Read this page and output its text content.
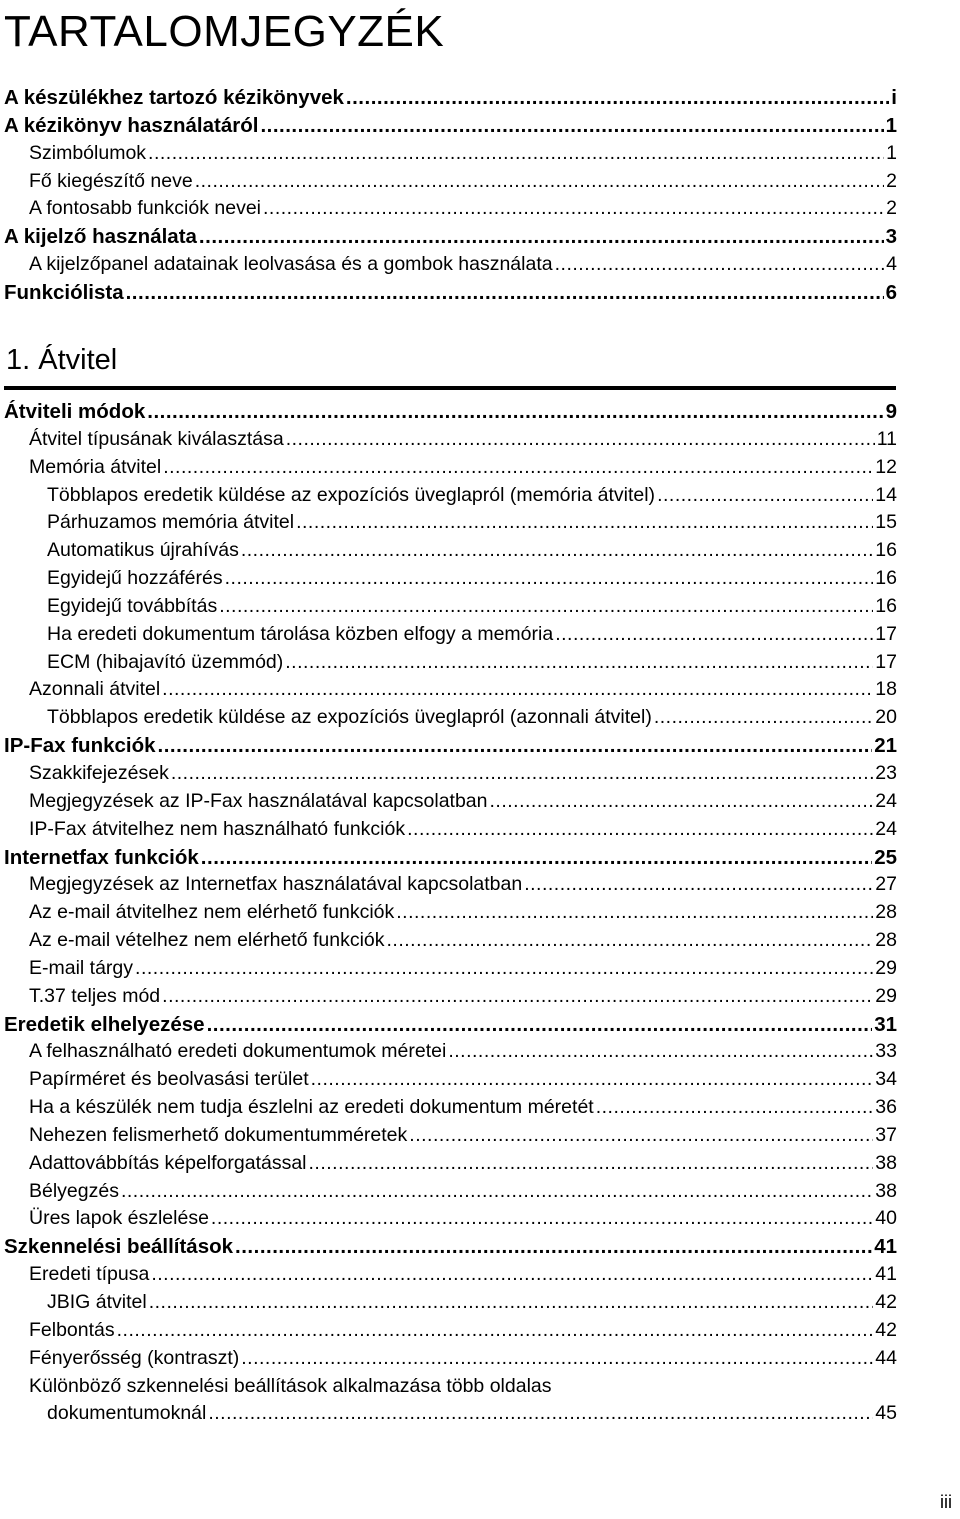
TARTALOMJEGYZÉK
A készülékhez tartozó kézikönyvek .....	i
A kézikönyv használatáról .....	1
Szimbólumok .....	1
Fő kiegészítő neve .....	2
A fontosabb funkciók nevei .....	2
A kijelző használata .....	3
A kijelzőpanel adatainak leolvasása és a gombok használata .....	4
Funkciólista .....	6
1. Átvitel
Átviteli módok .....	9
Átvitel típusának kiválasztása .....	11
Memória átvitel .....	12
Többlapos eredetik küldése az expozíciós üveglapról (memória átvitel) .....	14
Párhuzamos memória átvitel .....	15
Automatikus újrahívás .....	16
Egyidejű hozzáférés .....	16
Egyidejű továbbítás .....	16
Ha eredeti dokumentum tárolása közben elfogy a memória .....	17
ECM (hibajavító üzemmód) .....	17
Azonnali átvitel .....	18
Többlapos eredetik küldése az expozíciós üveglapról (azonnali átvitel) .....	20
IP-Fax funkciók .....	21
Szakkifejezések .....	23
Megjegyzések az IP-Fax használatával kapcsolatban .....	24
IP-Fax átvitelhez nem használható funkciók .....	24
Internetfax funkciók .....	25
Megjegyzések az Internetfax használatával kapcsolatban .....	27
Az e-mail átvitelhez nem elérhető funkciók .....	28
Az e-mail vételhez nem elérhető funkciók .....	28
E-mail tárgy .....	29
T.37 teljes mód .....	29
Eredetik elhelyezése .....	31
A felhasználható eredeti dokumentumok méretei .....	33
Papírméret és beolvasási terület .....	34
Ha a készülék nem tudja észlelni az eredeti dokumentum méretét .....	36
Nehezen felismerhető dokumentumméretek .....	37
Adattovábbítás képelforgatással .....	38
Bélyegzés .....	38
Üres lapok észlelése .....	40
Szkennelési beállítások .....	41
Eredeti típusa .....	41
JBIG átvitel .....	42
Felbontás .....	42
Fényerősség (kontraszt) .....	44
Különböző szkennelési beállítások alkalmazása több oldalas
dokumentumoknál .....	45
iii
